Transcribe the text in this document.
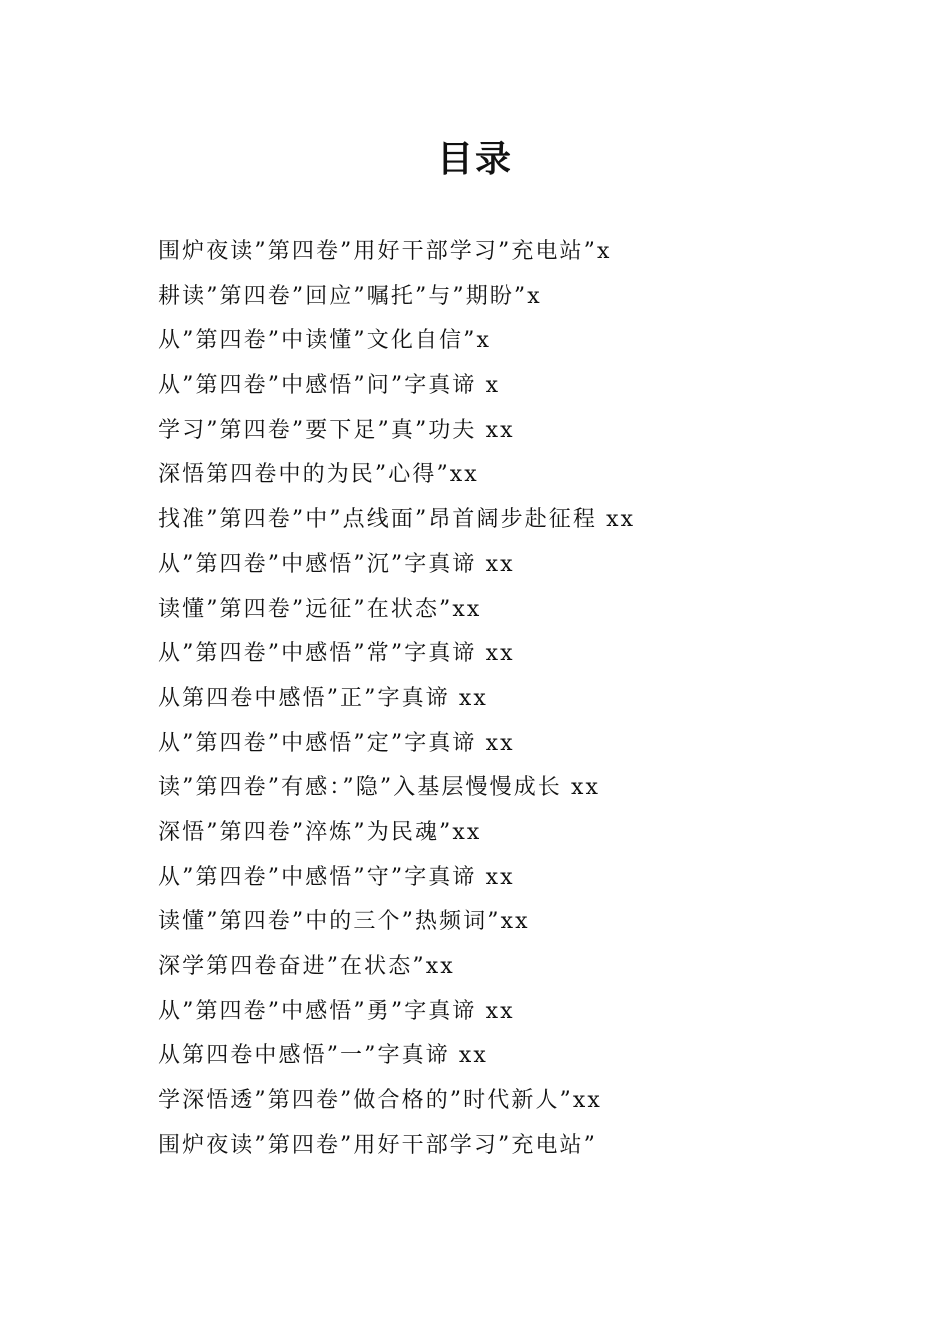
目录
围炉夜读”第四卷”用好干部学习”充电站”x
耕读”第四卷”回应”嘱托”与”期盼”x
从”第四卷”中读懂”文化自信”x
从”第四卷”中感悟”问”字真谛 x
学习”第四卷”要下足”真”功夫 xx
深悟第四卷中的为民”心得”xx
找准”第四卷”中”点线面”昂首阔步赴征程 xx
从”第四卷”中感悟”沉”字真谛 xx
读懂”第四卷”远征”在状态”xx
从”第四卷”中感悟”常”字真谛 xx
从第四卷中感悟”正”字真谛 xx
从”第四卷”中感悟”定”字真谛 xx
读”第四卷”有感：”隐”入基层慢慢成长 xx
深悟”第四卷”淬炼”为民魂”xx
从”第四卷”中感悟”守”字真谛 xx
读懂”第四卷”中的三个”热频词”xx
深学第四卷奋进”在状态”xx
从”第四卷”中感悟”勇”字真谛 xx
从第四卷中感悟”一”字真谛 xx
学深悟透”第四卷”做合格的”时代新人”xx
围炉夜读”第四卷”用好干部学习”充电站”
